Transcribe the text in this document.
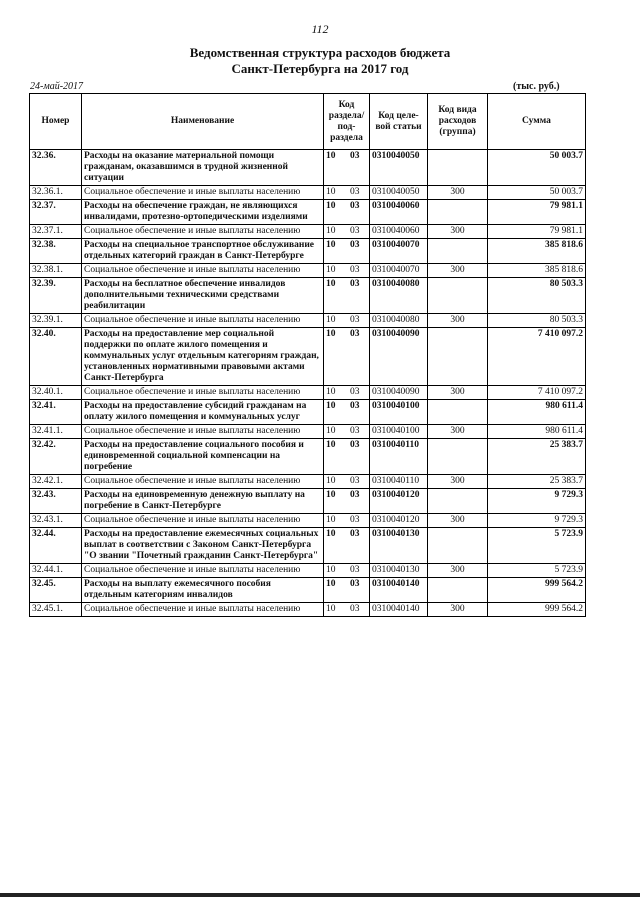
112
Ведомственная структура расходов бюджета
Санкт-Петербурга на 2017 год
24-май-2017	(тыс. руб.)
Номер	Наименование	Код раздела/ под- раздела	Код целе- вой статьи	Код вида расходов (группа)	Сумма
32.36.	Расходы на оказание материальной помощи гражданам, оказавшимся в трудной жизненной ситуации	10 03	0310040050		50 003.7
32.36.1.	Социальное обеспечение и иные выплаты населению	10 03	0310040050	300	50 003.7
32.37.	Расходы на обеспечение граждан, не являющихся инвалидами, протезно-ортопедическими изделиями	10 03	0310040060		79 981.1
32.37.1.	Социальное обеспечение и иные выплаты населению	10 03	0310040060	300	79 981.1
32.38.	Расходы на специальное транспортное обслуживание отдельных категорий граждан в Санкт-Петербурге	10 03	0310040070		385 818.6
32.38.1.	Социальное обеспечение и иные выплаты населению	10 03	0310040070	300	385 818.6
32.39.	Расходы на бесплатное обеспечение инвалидов дополнительными техническими средствами реабилитации	10 03	0310040080		80 503.3
32.39.1.	Социальное обеспечение и иные выплаты населению	10 03	0310040080	300	80 503.3
32.40.	Расходы на предоставление мер социальной поддержки по оплате жилого помещения и коммунальных услуг отдельным категориям граждан, установленных нормативными правовыми актами Санкт-Петербурга	10 03	0310040090		7 410 097.2
32.40.1.	Социальное обеспечение и иные выплаты населению	10 03	0310040090	300	7 410 097.2
32.41.	Расходы на предоставление субсидий гражданам на оплату жилого помещения и коммунальных услуг	10 03	0310040100		980 611.4
32.41.1.	Социальное обеспечение и иные выплаты населению	10 03	0310040100	300	980 611.4
32.42.	Расходы на предоставление социального пособия и единовременной социальной компенсации на погребение	10 03	0310040110		25 383.7
32.42.1.	Социальное обеспечение и иные выплаты населению	10 03	0310040110	300	25 383.7
32.43.	Расходы на единовременную денежную выплату на погребение в Санкт-Петербурге	10 03	0310040120		9 729.3
32.43.1.	Социальное обеспечение и иные выплаты населению	10 03	0310040120	300	9 729.3
32.44.	Расходы на предоставление ежемесячных социальных выплат в соответствии с Законом Санкт-Петербурга "О звании "Почетный гражданин Санкт-Петербурга"	10 03	0310040130		5 723.9
32.44.1.	Социальное обеспечение и иные выплаты населению	10 03	0310040130	300	5 723.9
32.45.	Расходы на выплату ежемесячного пособия отдельным категориям инвалидов	10 03	0310040140		999 564.2
32.45.1.	Социальное обеспечение и иные выплаты населению	10 03	0310040140	300	999 564.2
